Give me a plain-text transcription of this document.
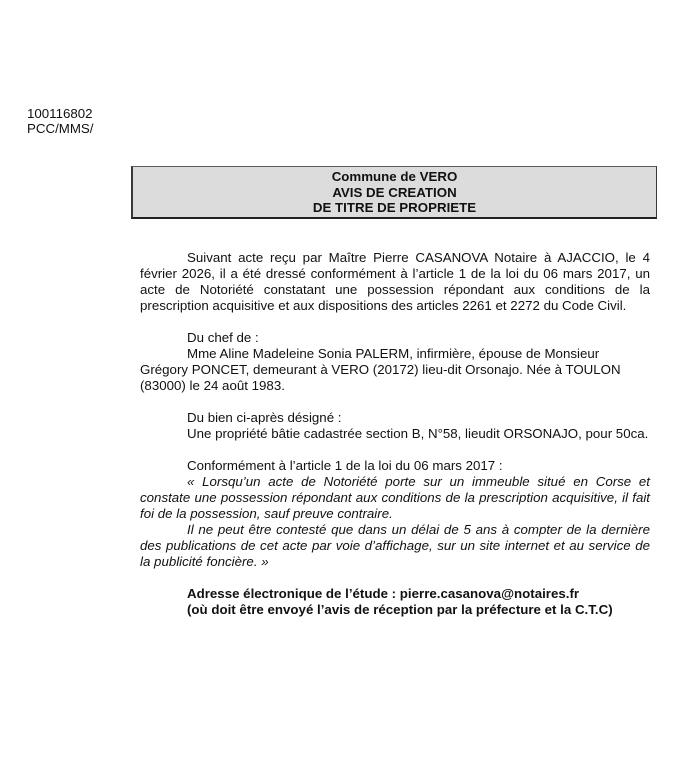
100116802
PCC/MMS/
Commune de VERO
AVIS DE CREATION
DE TITRE DE PROPRIETE

Suivant acte reçu par Maître Pierre CASANOVA Notaire à AJACCIO, le 4 février 2026, il a été dressé conformément à l’article 1 de la loi du 06 mars 2017, un acte de Notoriété constatant une possession répondant aux conditions de la prescription acquisitive et aux dispositions des articles 2261 et 2272 du Code Civil.

Du chef de :
Mme Aline Madeleine Sonia PALERM, infirmière, épouse de Monsieur
Grégory PONCET, demeurant à VERO (20172) lieu-dit Orsonajo. Née à TOULON
(83000) le 24 août 1983.
Du bien ci-après désigné :
Une propriété bâtie cadastrée section B, N°58, lieudit ORSONAJO, pour 50ca.
Conformément à l’article 1 de la loi du 06 mars 2017 :

« Lorsqu’un acte de Notoriété porte sur un immeuble situé en Corse et constate une possession répondant aux conditions de la prescription acquisitive, il fait foi de la possession, sauf preuve contraire.

Il ne peut être contesté que dans un délai de 5 ans à compter de la dernière des publications de cet acte par voie d’affichage, sur un site internet et au service de la publicité foncière. »

Adresse électronique de l’étude : pierre.casanova@notaires.fr
(où doit être envoyé l’avis de réception par la préfecture et la C.T.C)
